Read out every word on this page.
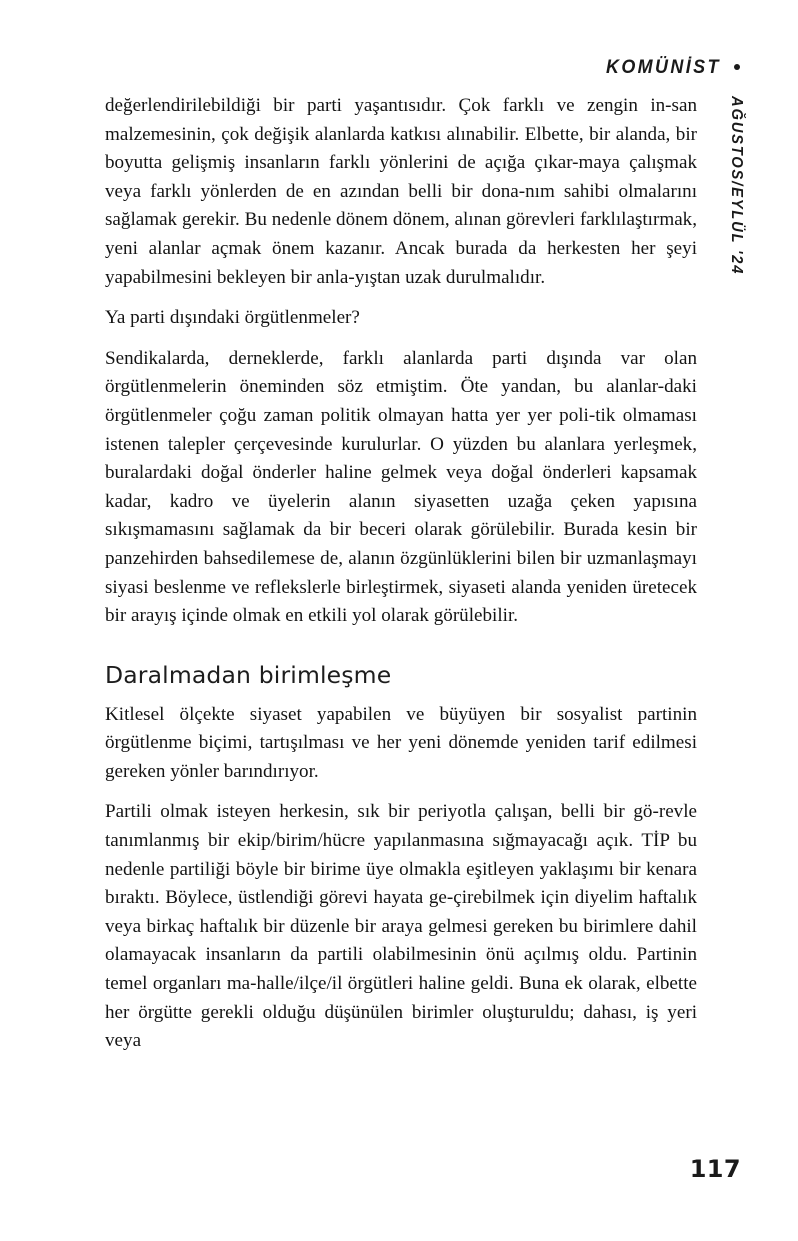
KOMÜNİST
AĞUSTOS/EYLÜL '24

değerlendirilebildiği bir parti yaşantısıdır. Çok farklı ve zengin in-san malzemesinin, çok değişik alanlarda katkısı alınabilir. Elbette, bir alanda, bir boyutta gelişmiş insanların farklı yönlerini de açığa çıkar-maya çalışmak veya farklı yönlerden de en azından belli bir dona-nım sahibi olmalarını sağlamak gerekir. Bu nedenle dönem dönem, alınan görevleri farklılaştırmak, yeni alanlar açmak önem kazanır. Ancak burada da herkesten her şeyi yapabilmesini bekleyen bir anla-yıştan uzak durulmalıdır.

Ya parti dışındaki örgütlenmeler?

Sendikalarda, derneklerde, farklı alanlarda parti dışında var olan örgütlenmelerin öneminden söz etmiştim. Öte yandan, bu alanlar-daki örgütlenmeler çoğu zaman politik olmayan hatta yer yer poli-tik olmaması istenen talepler çerçevesinde kurulurlar. O yüzden bu alanlara yerleşmek, buralardaki doğal önderler haline gelmek veya doğal önderleri kapsamak kadar, kadro ve üyelerin alanın siyasetten uzağa çeken yapısına sıkışmamasını sağlamak da bir beceri olarak görülebilir. Burada kesin bir panzehirden bahsedilemese de, alanın özgünlüklerini bilen bir uzmanlaşmayı siyasi beslenme ve reflekslerle birleştirmek, siyaseti alanda yeniden üretecek bir arayış içinde olmak en etkili yol olarak görülebilir.

Daralmadan birimleşme

Kitlesel ölçekte siyaset yapabilen ve büyüyen bir sosyalist partinin örgütlenme biçimi, tartışılması ve her yeni dönemde yeniden tarif edilmesi gereken yönler barındırıyor.

Partili olmak isteyen herkesin, sık bir periyotla çalışan, belli bir gö-revle tanımlanmış bir ekip/birim/hücre yapılanmasına sığmayacağı açık. TİP bu nedenle partiliği böyle bir birime üye olmakla eşitleyen yaklaşımı bir kenara bıraktı. Böylece, üstlendiği görevi hayata ge-çirebilmek için diyelim haftalık veya birkaç haftalık bir düzenle bir araya gelmesi gereken bu birimlere dahil olamayacak insanların da partili olabilmesinin önü açılmış oldu. Partinin temel organları ma-halle/ilçe/il örgütleri haline geldi. Buna ek olarak, elbette her örgütte gerekli olduğu düşünülen birimler oluşturuldu; dahası, iş yeri veya

117
